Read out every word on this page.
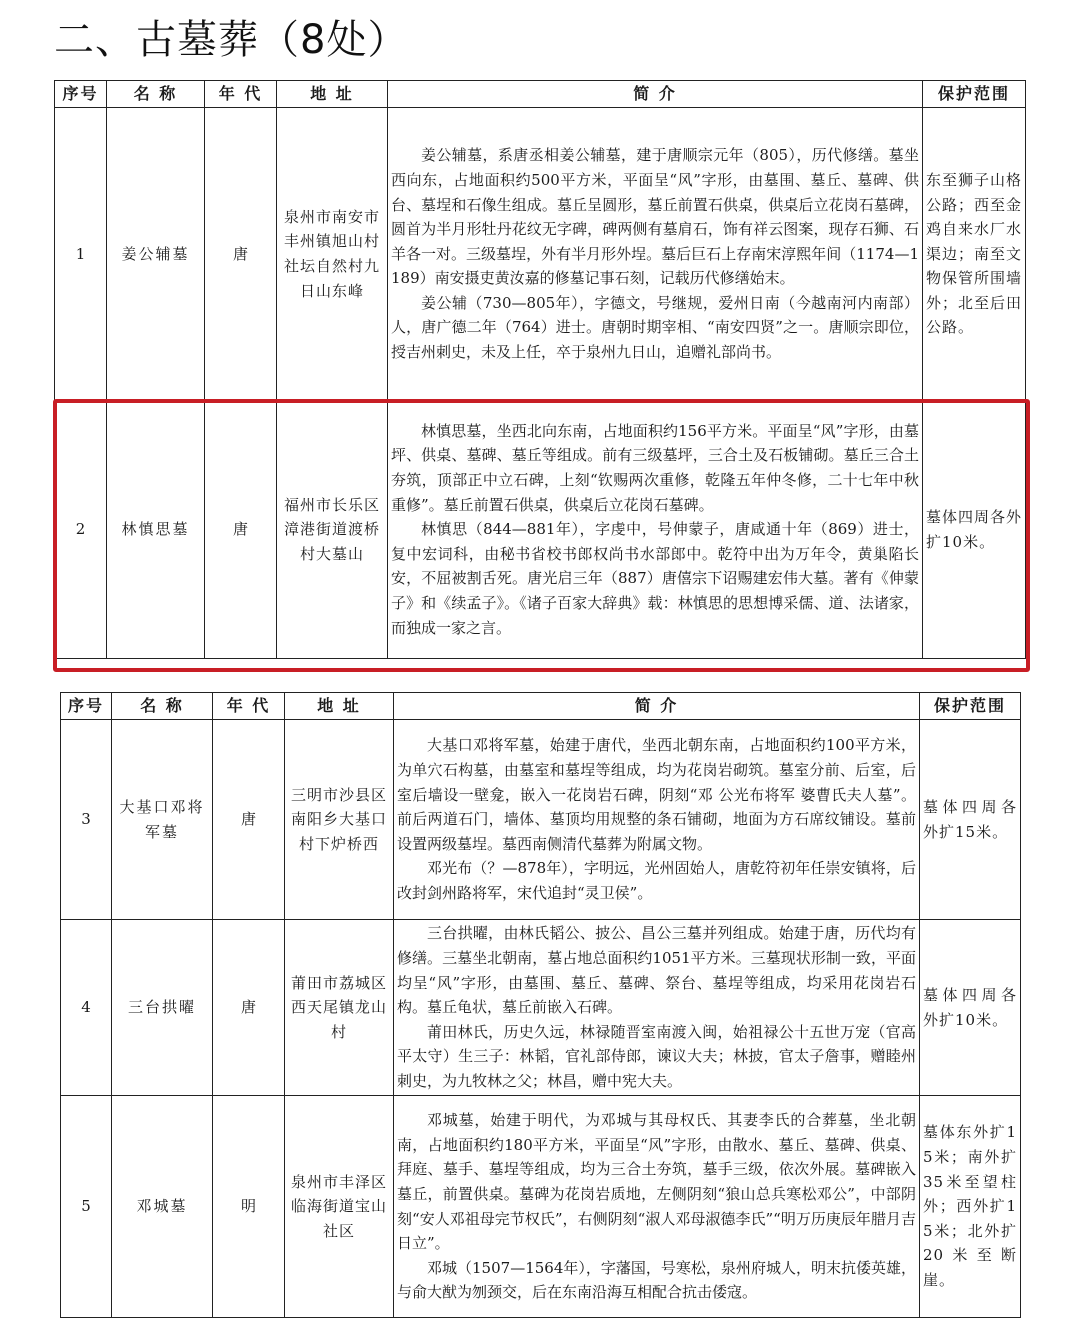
二、古墓葬（8处）
序号	名 称	年 代	地 址	简 介	保护范围
1	姜公辅墓	唐	泉州市南安市丰州镇旭山村社坛自然村九日山东峰	姜公辅墓，系唐丞相姜公辅墓，建于唐顺宗元年（805），历代修缮。墓坐西向东，占地面积约500平方米，平面呈“风”字形，由墓围、墓丘、墓碑、供台、墓埕和石像生组成。墓丘呈圆形，墓丘前置石供桌，供桌后立花岗石墓碑，圆首为半月形牡丹花纹无字碑，碑两侧有墓肩石，饰有祥云图案，现存石狮、石羊各一对。三级墓埕，外有半月形外埕。墓后巨石上存南宋淳熙年间（1174—1189）南安摄吏黄汝嘉的修墓记事石刻，记载历代修缮始末。

姜公辅（730—805年），字德文，号继规，爱州日南（今越南河内南部）人，唐广德二年（764）进士。唐朝时期宰相、“南安四贤”之一。唐顺宗即位，授吉州刺史，未及上任，卒于泉州九日山，追赠礼部尚书。	东至狮子山格公路；西至金鸡自来水厂水渠边；南至文物保管所围墙外；北至后田公路。
2	林慎思墓	唐	福州市长乐区漳港街道渡桥村大墓山	林慎思墓，坐西北向东南，占地面积约156平方米。平面呈“风”字形，由墓坪、供桌、墓碑、墓丘等组成。前有三级墓坪，三合土及石板铺砌。墓丘三合土夯筑，顶部正中立石碑，上刻“钦赐两次重修，乾隆五年仲冬修，二十七年中秋重修”。墓丘前置石供桌，供桌后立花岗石墓碑。

林慎思（844—881年），字虔中，号伸蒙子，唐咸通十年（869）进士，复中宏词科，由秘书省校书郎权尚书水部郎中。乾符中出为万年令，黄巢陷长安，不屈被割舌死。唐光启三年（887）唐僖宗下诏赐建宏伟大墓。著有《伸蒙子》和《续孟子》。《诸子百家大辞典》载：林慎思的思想博采儒、道、法诸家，而独成一家之言。	墓体四周各外扩10米。
序号	名 称	年 代	地 址	简 介	保护范围
3	大基口邓将军墓	唐	三明市沙县区南阳乡大基口村下炉桥西	大基口邓将军墓，始建于唐代，坐西北朝东南，占地面积约100平方米，为单穴石构墓，由墓室和墓埕等组成，均为花岗岩砌筑。墓室分前、后室，后室后墙设一壁龛，嵌入一花岗岩石碑，阴刻“邓 公光布将军 婆曹氏夫人墓”。前后两道石门，墙体、墓顶均用规整的条石铺砌，地面为方石席纹铺设。墓前设置两级墓埕。墓西南侧清代墓葬为附属文物。

邓光布（？—878年），字明远，光州固始人，唐乾符初年任崇安镇将，后改封剑州路将军，宋代追封“灵卫侯”。	墓体四周各外扩15米。
4	三台拱曜	唐	莆田市荔城区西天尾镇龙山村	三台拱曜，由林氏韬公、披公、昌公三墓并列组成。始建于唐，历代均有修缮。三墓坐北朝南，墓占地总面积约1051平方米。三墓现状形制一致，平面均呈“风”字形，由墓围、墓丘、墓碑、祭台、墓埕等组成，均采用花岗岩石构。墓丘龟状，墓丘前嵌入石碑。

莆田林氏，历史久远，林禄随晋室南渡入闽，始祖禄公十五世万宠（官高平太守）生三子：林韬，官礼部侍郎，谏议大夫；林披，官太子詹事，赠睦州刺史，为九牧林之父；林昌，赠中宪大夫。	墓体四周各外扩10米。
5	邓城墓	明	泉州市丰泽区临海街道宝山社区	邓城墓，始建于明代，为邓城与其母权氏、其妻李氏的合葬墓，坐北朝南，占地面积约180平方米，平面呈“风”字形，由散水、墓丘、墓碑、供桌、拜庭、墓手、墓埕等组成，均为三合土夯筑，墓手三级，依次外展。墓碑嵌入墓丘，前置供桌。墓碑为花岗岩质地，左侧阴刻“狼山总兵寒松邓公”，中部阴刻“安人邓祖母完节权氏”，右侧阴刻“淑人邓母淑德李氏”“明万历庚辰年腊月吉日立”。

邓城（1507—1564年），字藩国，号寒松，泉州府城人，明末抗倭英雄，与俞大猷为刎颈交，后在东南沿海互相配合抗击倭寇。	墓体东外扩15米；南外扩35米至望柱外；西外扩15米；北外扩20米至断崖。
